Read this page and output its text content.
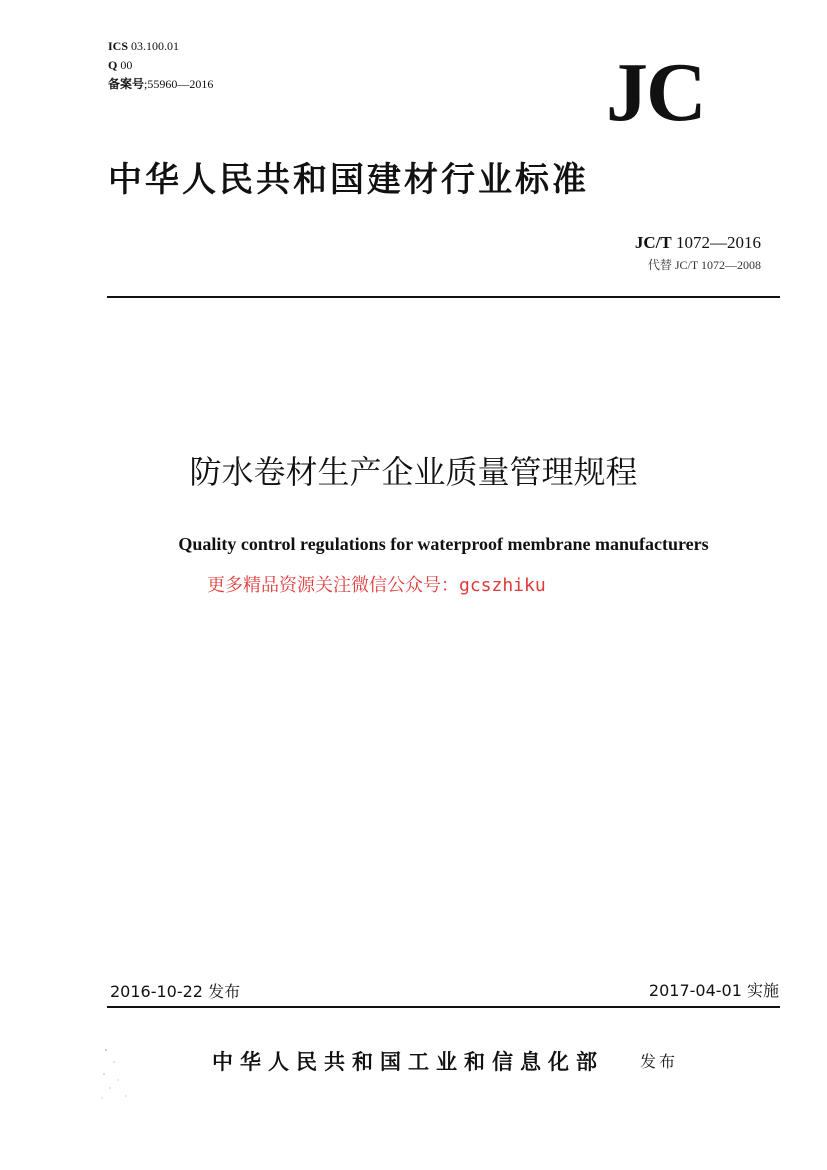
ICS 03.100.01
Q 00
备案号;55960—2016	JC
中华人民共和国建材行业标准
JC/T 1072—2016
代替 JC/T 1072—2008
防水卷材生产企业质量管理规程
Quality control regulations for waterproof membrane manufacturers
更多精品资源关注微信公众号：gcszhiku
2016-10-22 发布	2017-04-01 实施
中华人民共和国工业和信息化部 发布
